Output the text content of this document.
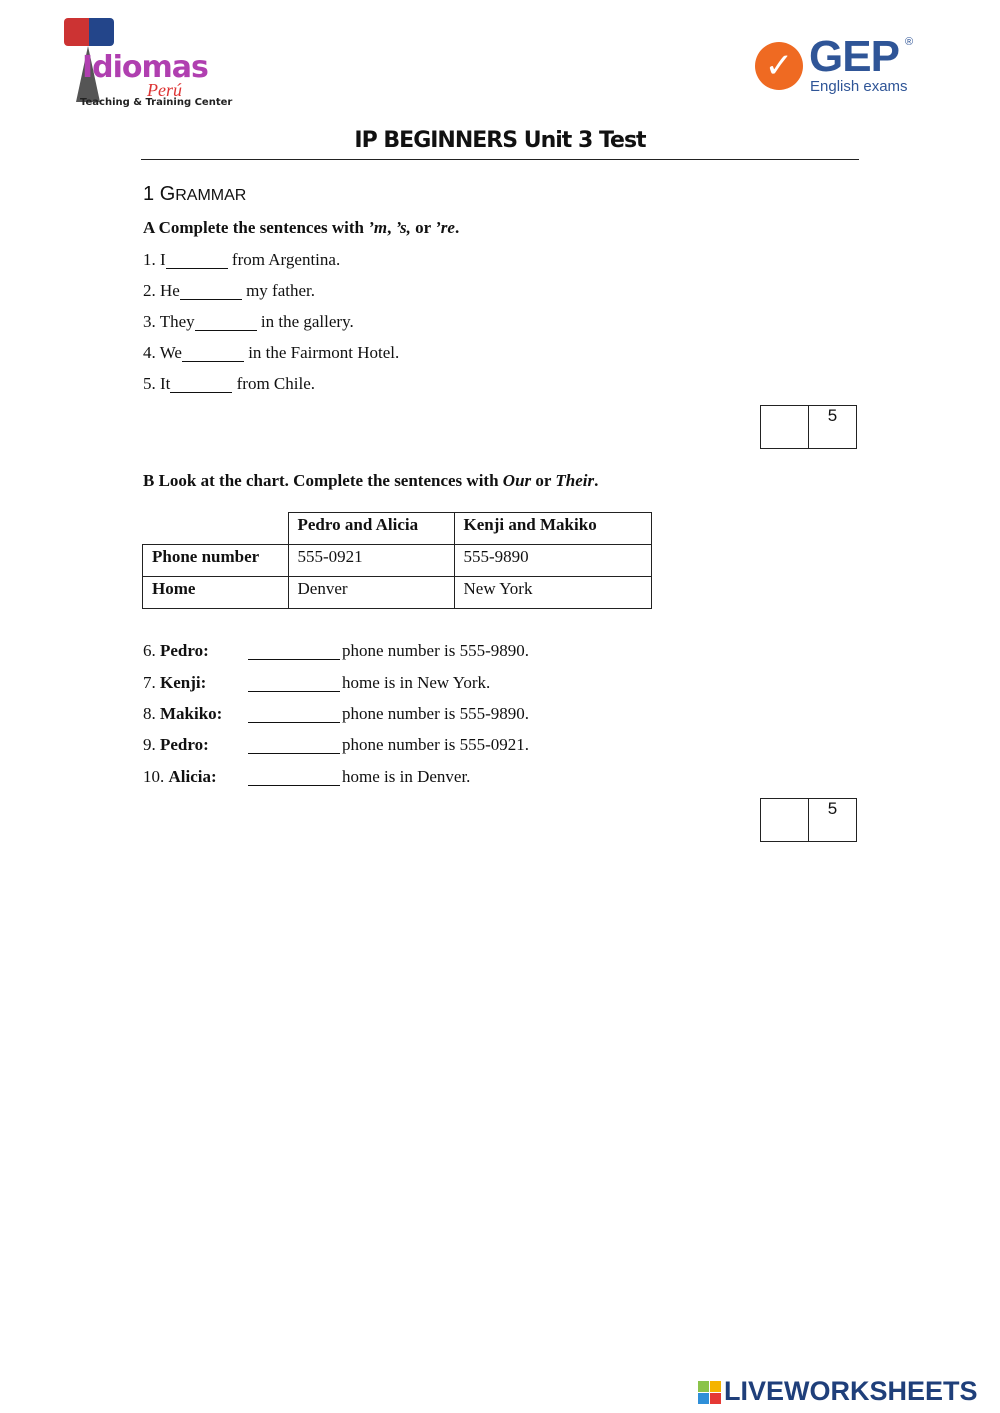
Idiomas
Perú
Teaching & Training Center
✓ GEP ®
English exams
IP BEGINNERS Unit 3 Test
1 GRAMMAR
A Complete the sentences with ’m, ’s, or ’re.
1. I	from Argentina.
2. He	my father.
3. They	in the gallery.
4. We	in the Fairmont Hotel.
5. It	from Chile.
5
B Look at the chart. Complete the sentences with Our or Their.
	Pedro and Alicia	Kenji and Makiko
Phone number	555-0921	555-9890
Home	Denver	New York
6. Pedro:	phone number is 555-9890.
7. Kenji:	home is in New York.
8. Makiko:	phone number is 555-9890.
9. Pedro:	phone number is 555-0921.
10. Alicia:	home is in Denver.
5
LIVEWORKSHEETS
